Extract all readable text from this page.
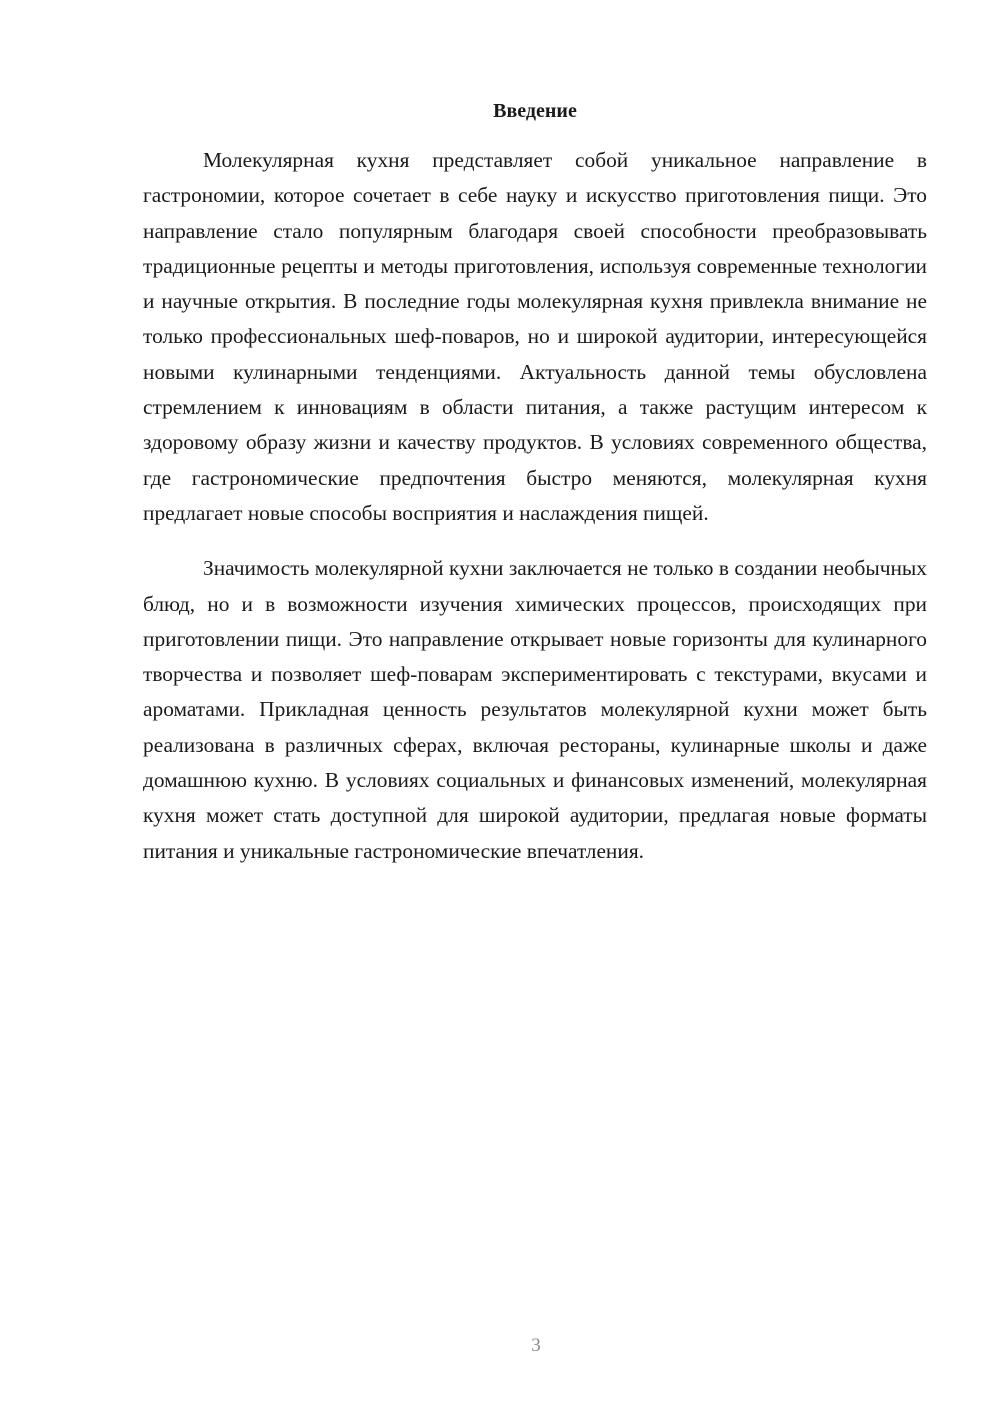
Введение

Молекулярная кухня представляет собой уникальное направление в гастрономии, которое сочетает в себе науку и искусство приготовления пищи. Это направление стало популярным благодаря своей способности преобразовывать традиционные рецепты и методы приготовления, используя современные технологии и научные открытия. В последние годы молекулярная кухня привлекла внимание не только профессиональных шеф-поваров, но и широкой аудитории, интересующейся новыми кулинарными тенденциями. Актуальность данной темы обусловлена стремлением к инновациям в области питания, а также растущим интересом к здоровому образу жизни и качеству продуктов. В условиях современного общества, где гастрономические предпочтения быстро меняются, молекулярная кухня предлагает новые способы восприятия и наслаждения пищей.

Значимость молекулярной кухни заключается не только в создании необычных блюд, но и в возможности изучения химических процессов, происходящих при приготовлении пищи. Это направление открывает новые горизонты для кулинарного творчества и позволяет шеф-поварам экспериментировать с текстурами, вкусами и ароматами. Прикладная ценность результатов молекулярной кухни может быть реализована в различных сферах, включая рестораны, кулинарные школы и даже домашнюю кухню. В условиях социальных и финансовых изменений, молекулярная кухня может стать доступной для широкой аудитории, предлагая новые форматы питания и уникальные гастрономические впечатления.

3
